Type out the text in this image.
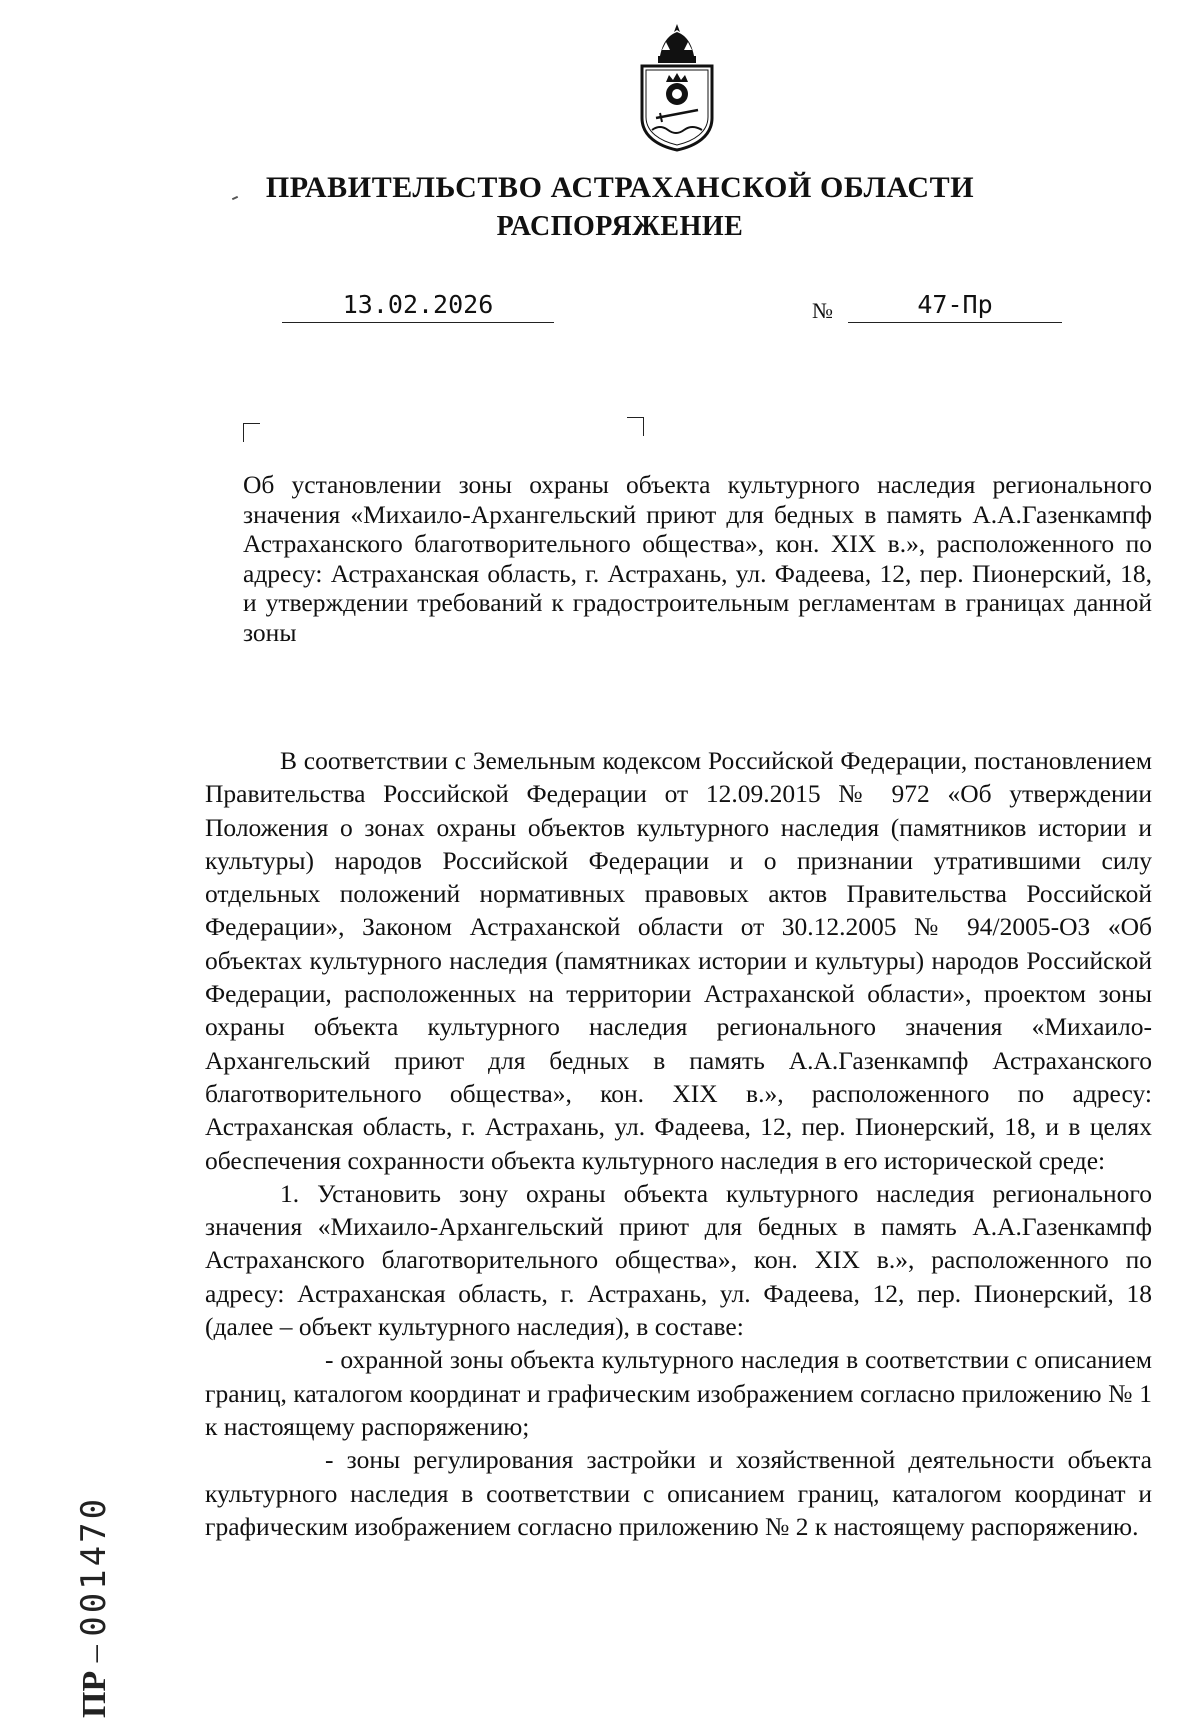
ПРАВИТЕЛЬСТВО АСТРАХАНСКОЙ ОБЛАСТИ
РАСПОРЯЖЕНИЕ
13.02.2026	№	47-Пр
Об установлении зоны охраны объекта культурного наследия регионального значения «Михаило-Архангельский приют для бедных в память А.А.Газенкампф Астраханского благотворительного общества», кон. XIX в.», расположенного по адресу: Астраханская область, г. Астрахань, ул. Фадеева, 12, пер. Пионерский, 18, и утверждении требований к градостроительным регламентам в границах данной зоны

В соответствии с Земельным кодексом Российской Федерации, постановлением Правительства Российской Федерации от 12.09.2015 № 972 «Об утверждении Положения о зонах охраны объектов культурного наследия (памятников истории и культуры) народов Российской Федерации и о признании утратившими силу отдельных положений нормативных правовых актов Правительства Российской Федерации», Законом Астраханской области от 30.12.2005 № 94/2005-ОЗ «Об объектах культурного наследия (памятниках истории и культуры) народов Российской Федерации, расположенных на территории Астраханской области», проектом зоны охраны объекта культурного наследия регионального значения «Михаило-Архангельский приют для бедных в память А.А.Газенкампф Астраханского благотворительного общества», кон. XIX в.», расположенного по адресу: Астраханская область, г. Астрахань, ул. Фадеева, 12, пер. Пионерский, 18, и в целях обеспечения сохранности объекта культурного наследия в его исторической среде:

1. Установить зону охраны объекта культурного наследия регионального значения «Михаило-Архангельский приют для бедных в память А.А.Газенкампф Астраханского благотворительного общества», кон. XIX в.», расположенного по адресу: Астраханская область, г. Астрахань, ул. Фадеева, 12, пер. Пионерский, 18 (далее – объект культурного наследия), в составе:

- охранной зоны объекта культурного наследия в соответствии с описанием границ, каталогом координат и графическим изображением согласно приложению № 1 к настоящему распоряжению;

- зоны регулирования застройки и хозяйственной деятельности объекта культурного наследия в соответствии с описанием границ, каталогом координат и графическим изображением согласно приложению № 2 к настоящему распоряжению.

ПР – 001470
